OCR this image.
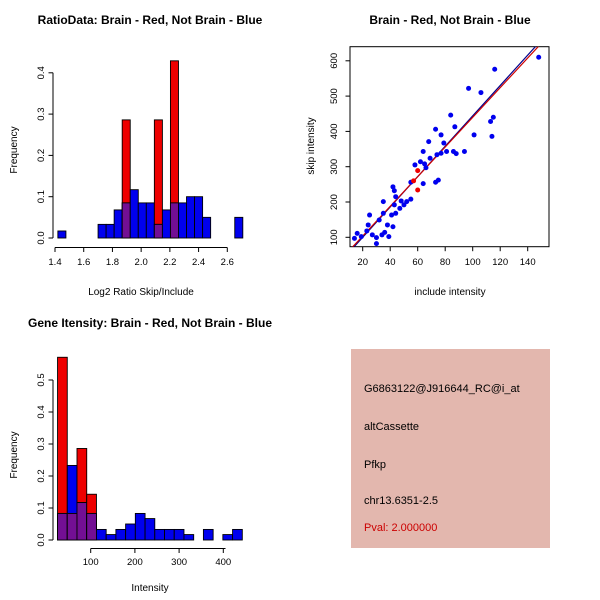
0.0
0.1
0.2
0.3
0.4
1.4 1.6 1.8 2.0 2.2 2.4 2.6
100
200
300
400
500
600
20 40 60 80 100 120 140
0.0
0.1
0.2
0.3
0.4
0.5
100	200	300	400
RatioData: Brain - Red, Not Brain - Blue	Brain - Red, Not Brain - Blue
Gene Itensity: Brain - Red, Not Brain - Blue
Log2 Ratio Skip/Include	include intensity
Intensity
Frequency	skip intensity
Frequency
G6863122@J916644_RC@i_at
altCassette
Pfkp
chr13.6351-2.5
Pval: 2.000000
